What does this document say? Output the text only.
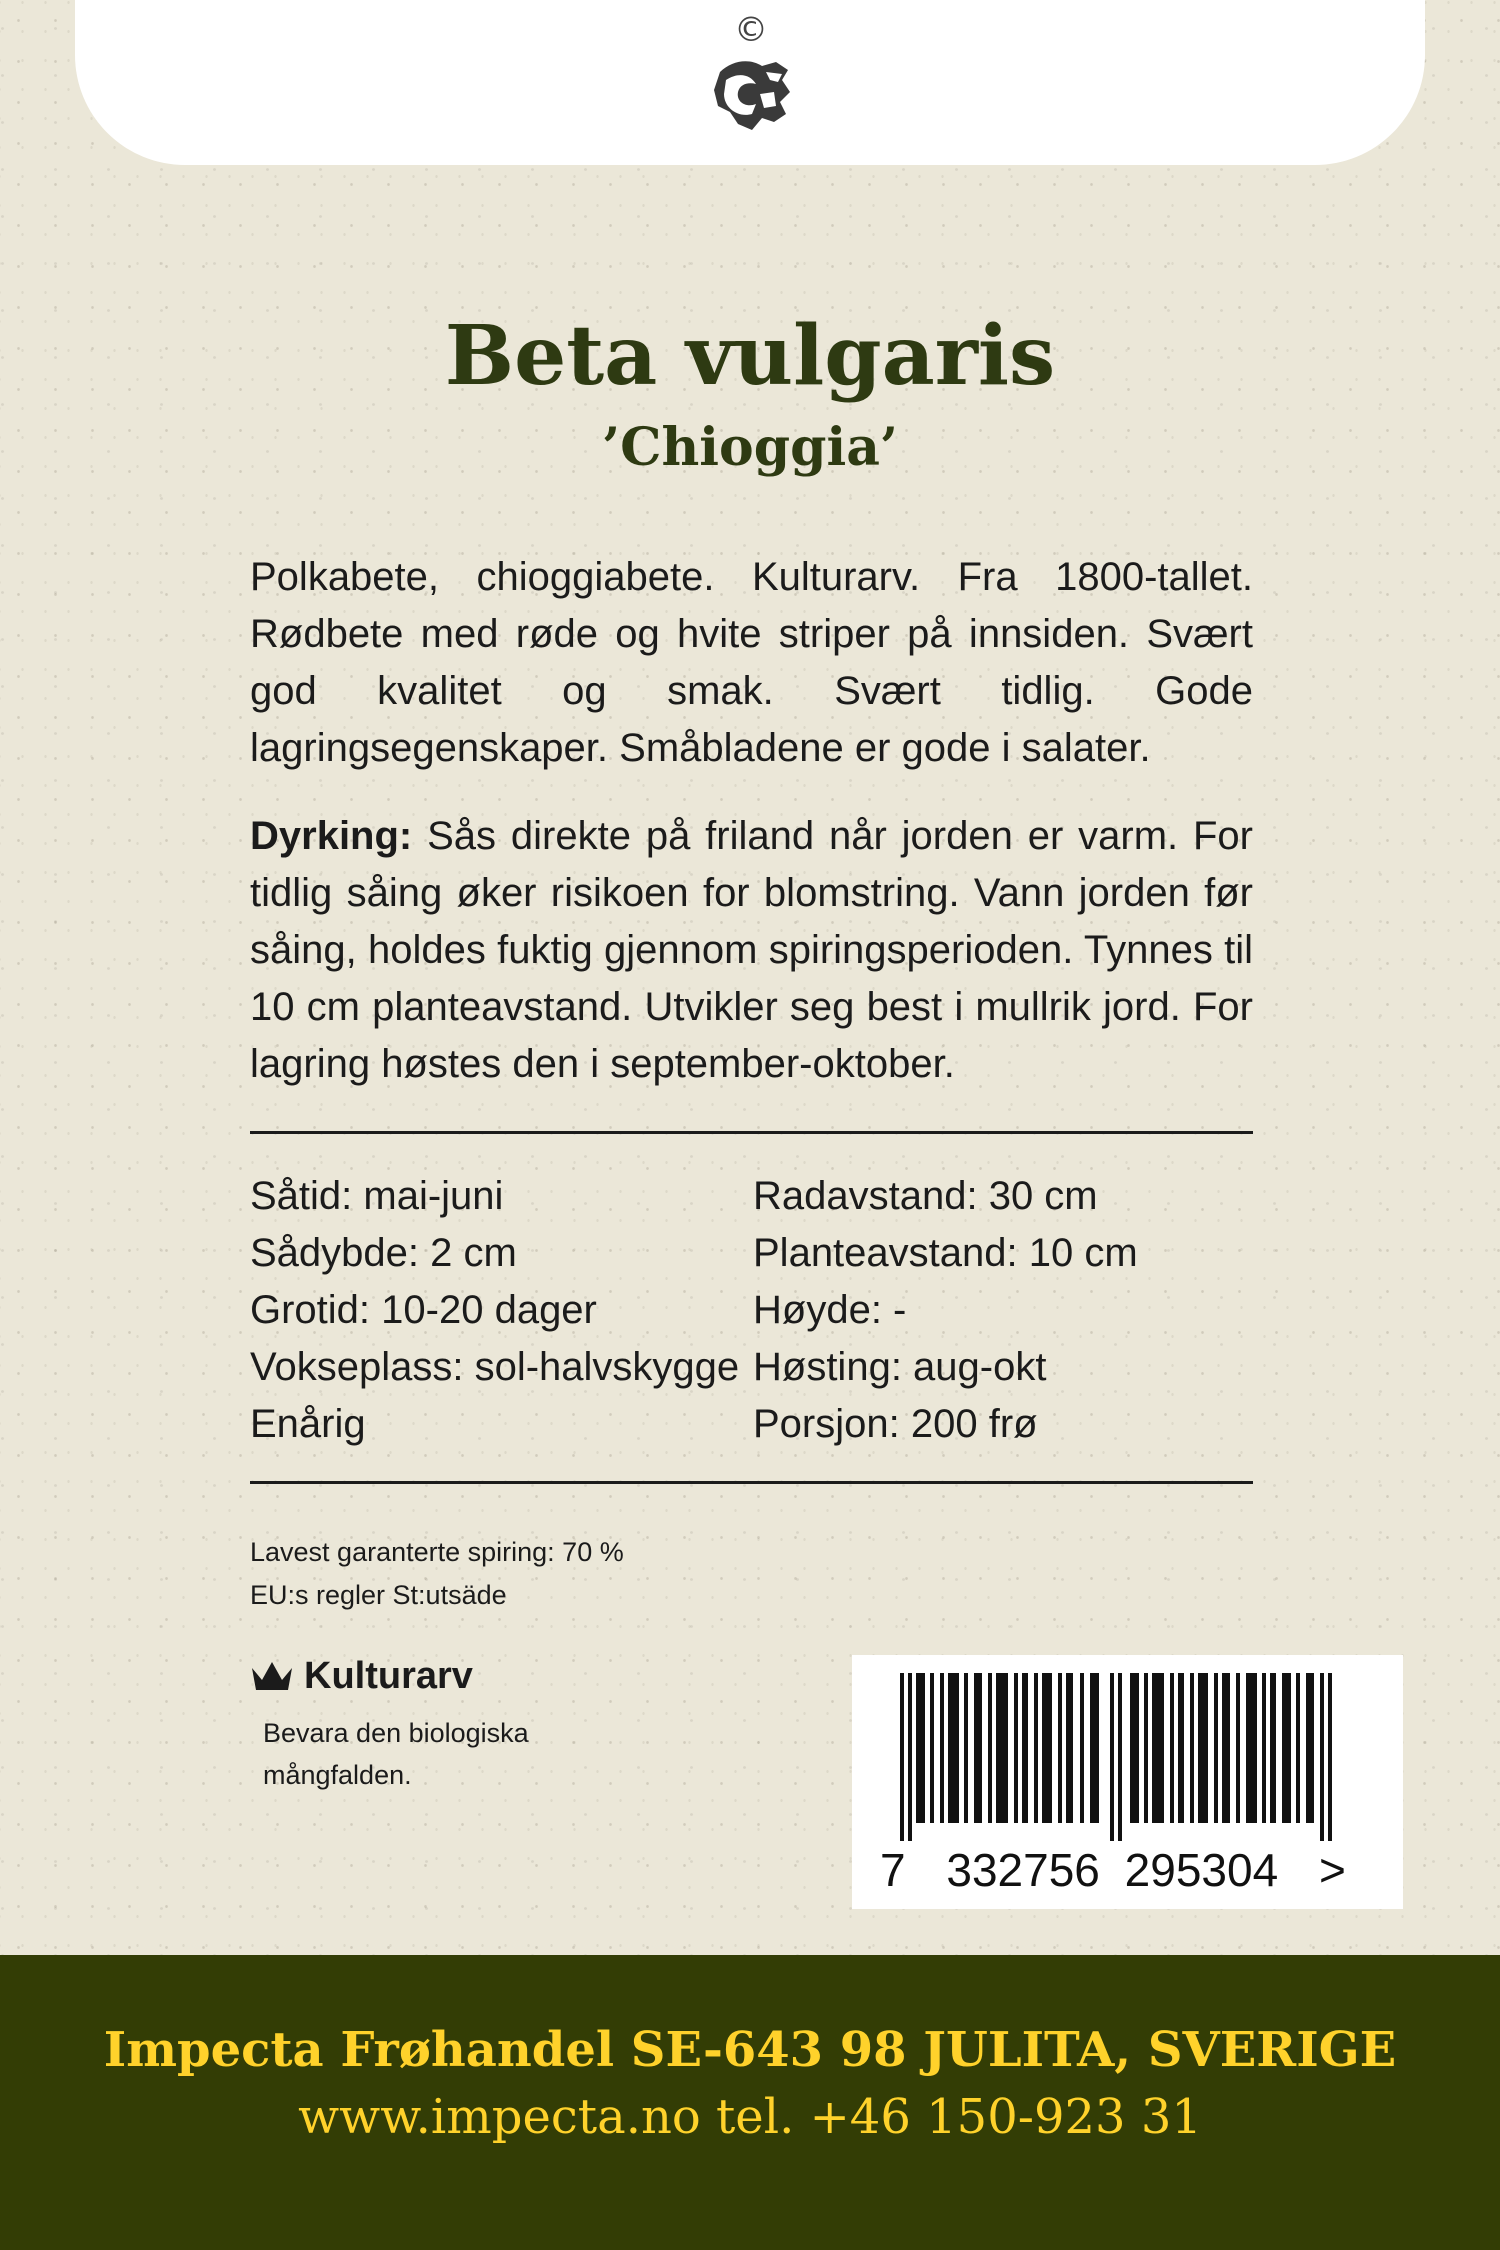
©
Beta vulgaris
’Chioggia’

Polkabete, chioggiabete. Kulturarv. Fra 1800-tallet. Rødbete med røde og hvite striper på innsiden. Svært god kvalitet og smak. Svært tidlig. Gode lagringsegenskaper. Småbladene er gode i salater.

Dyrking: Sås direkte på friland når jorden er varm. For tidlig såing øker risikoen for blomstring. Vann jorden før såing, holdes fuktig gjennom spiringsperioden. Tynnes til 10 cm planteavstand. Utvikler seg best i mullrik jord. For lagring høstes den i september-oktober.

Såtid: mai-juni
Sådybde: 2 cm
Grotid: 10-20 dager
Vokseplass: sol-halvskygge
Enårig
Radavstand: 30 cm
Planteavstand: 10 cm
Høyde: -
Høsting: aug-okt
Porsjon: 200 frø
Lavest garanterte spiring: 70 %
EU:s regler St:utsäde
Kulturarv
Bevara den biologiska
mångfalden.
7 332756 295304 >
Impecta Frøhandel SE-643 98 JULITA, SVERIGE
www.impecta.no tel. +46 150-923 31
